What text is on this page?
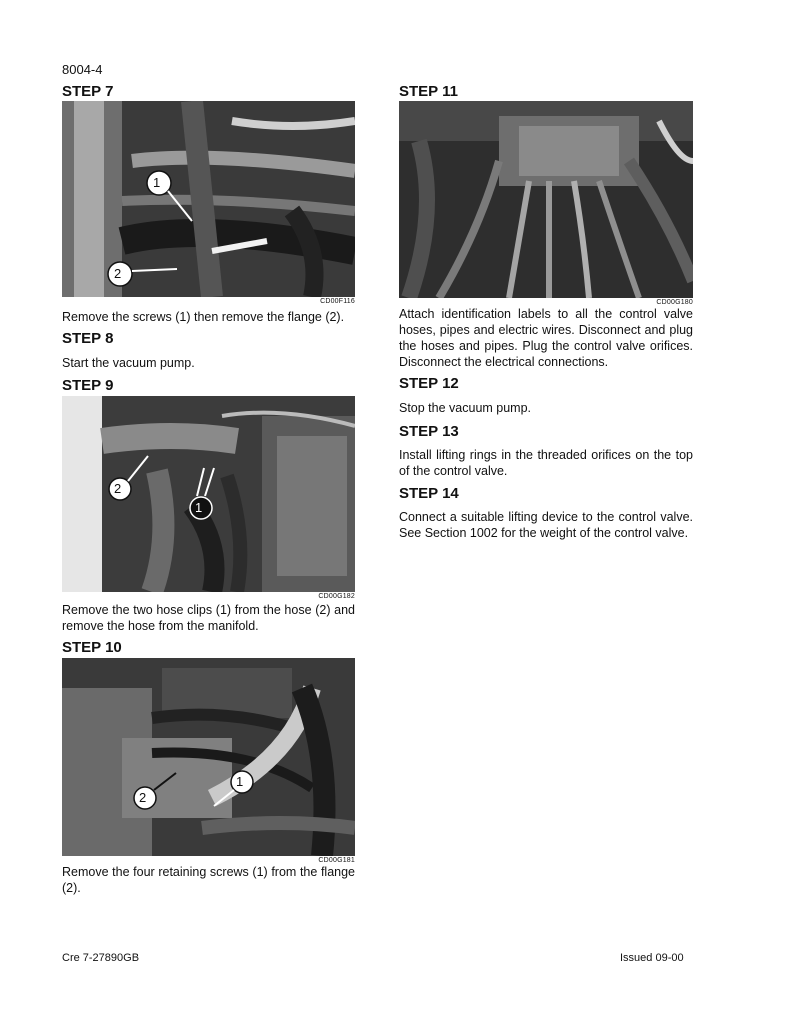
8004-4
STEP 7
1
2
CD00F116

Remove the screws (1) then remove the flange (2).

STEP 8

Start the vacuum pump.

STEP 9
2
1
CD00G182

Remove the two hose clips (1) from the hose (2) and remove the hose from the manifold.

STEP 10
2
1
CD00G181

Remove the four retaining screws (1) from the flange (2).

STEP 11
CD00G180

Attach identification labels to all the control valve hoses, pipes and electric wires. Disconnect and plug the hoses and pipes. Plug the control valve orifices. Disconnect the electrical connections.

STEP 12

Stop the vacuum pump.

STEP 13

Install lifting rings in the threaded orifices on the top of the control valve.

STEP 14

Connect a suitable lifting device to the control valve. See Section 1002 for the weight of the control valve.

Cre 7-27890GB	Issued 09-00
